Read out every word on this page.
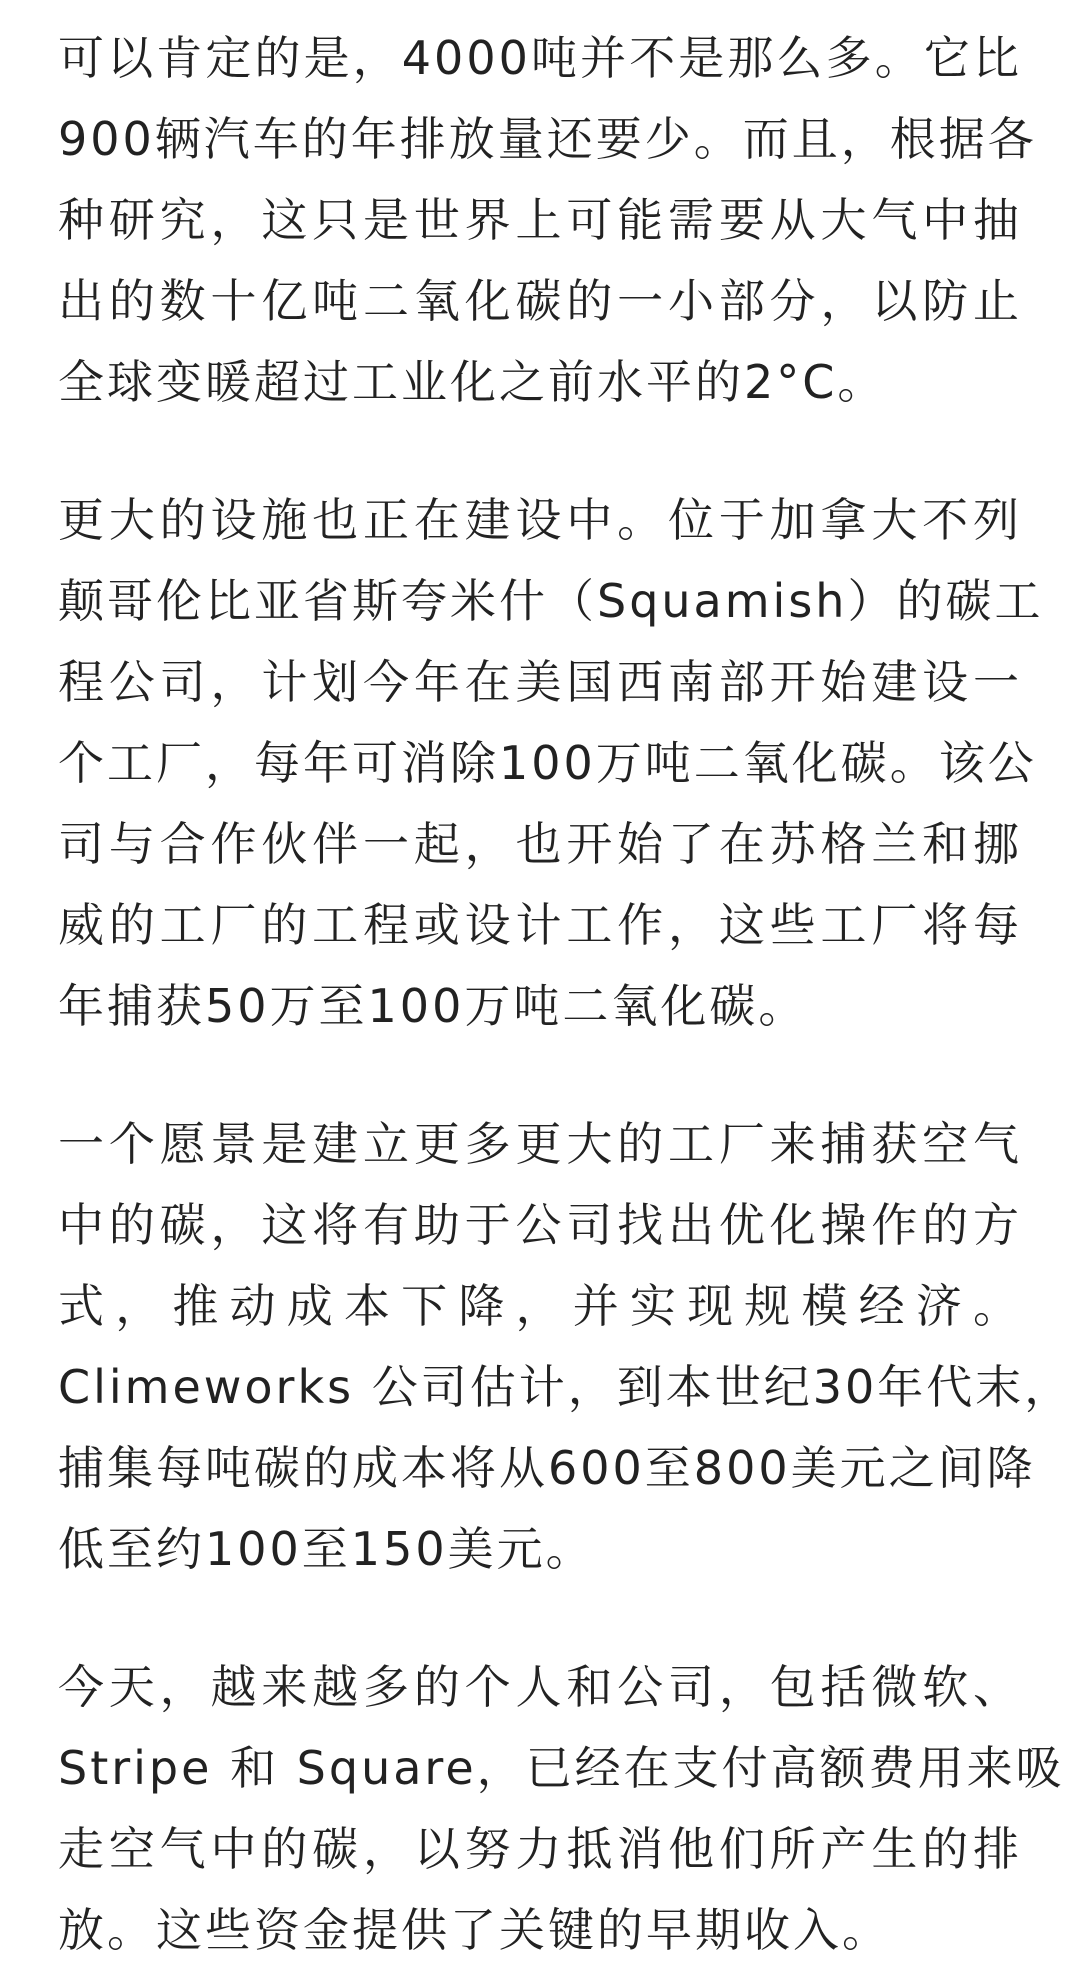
可以肯定的是，4000吨并不是那么多。它比
900辆汽车的年排放量还要少。而且，根据各
种研究，这只是世界上可能需要从大气中抽
出的数十亿吨二氧化碳的一小部分，以防止
全球变暖超过工业化之前水平的2°C。
更大的设施也正在建设中。位于加拿大不列
颠哥伦比亚省斯夸米什（Squamish）的碳工
程公司，计划今年在美国西南部开始建设一
个工厂，每年可消除100万吨二氧化碳。该公
司与合作伙伴一起，也开始了在苏格兰和挪
威的工厂的工程或设计工作，这些工厂将每
年捕获50万至100万吨二氧化碳。
一个愿景是建立更多更大的工厂来捕获空气
中的碳，这将有助于公司找出优化操作的方
式，推动成本下降，并实现规模经济。
Climeworks 公司估计，到本世纪30年代末，
捕集每吨碳的成本将从600至800美元之间降
低至约100至150美元。
今天，越来越多的个人和公司，包括微软、
Stripe 和 Square，已经在支付高额费用来吸
走空气中的碳，以努力抵消他们所产生的排
放。这些资金提供了关键的早期收入。
